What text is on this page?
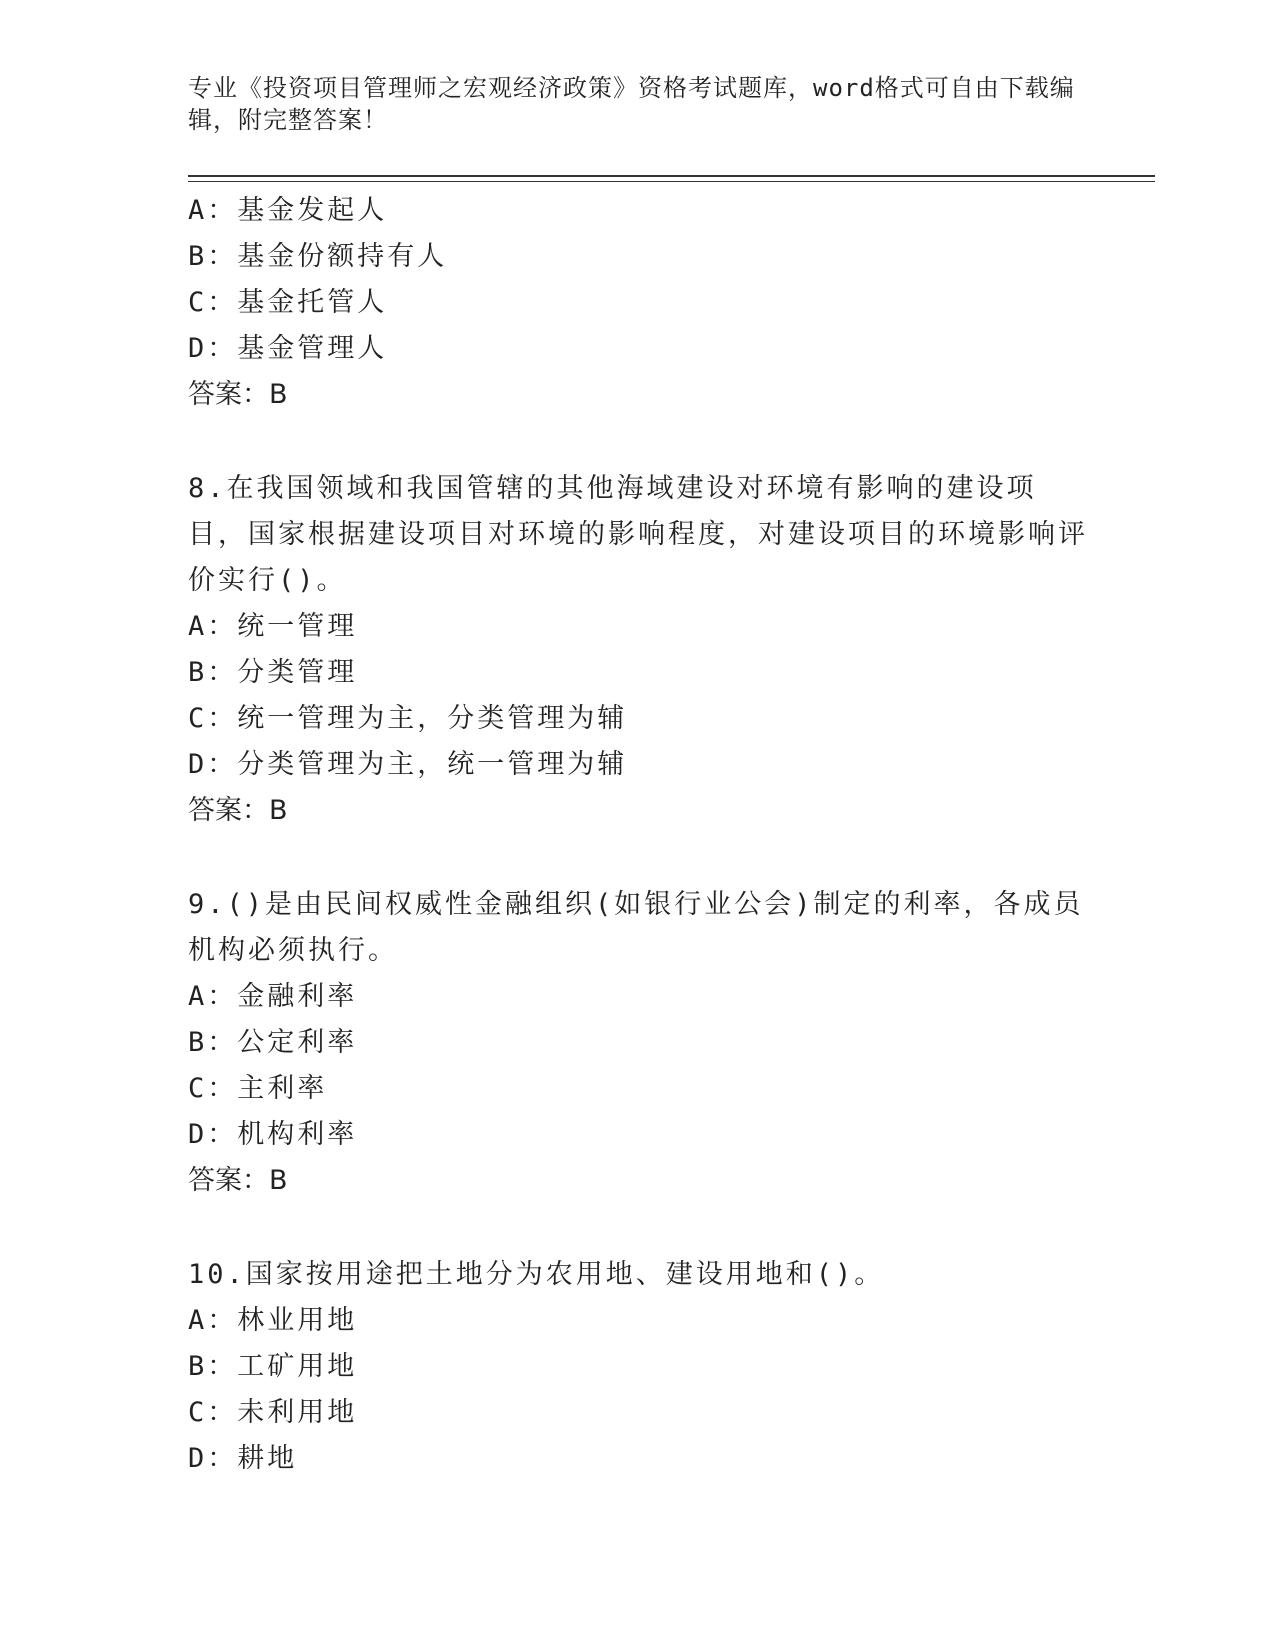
专业《投资项目管理师之宏观经济政策》资格考试题库，word格式可自由下载编辑，附完整答案！
A：基金发起人
B：基金份额持有人
C：基金托管人
D：基金管理人
答案：B
8.在我国领域和我国管辖的其他海域建设对环境有影响的建设项目，国家根据建设项目对环境的影响程度，对建设项目的环境影响评价实行()。
A：统一管理
B：分类管理
C：统一管理为主，分类管理为辅
D：分类管理为主，统一管理为辅
答案：B
9.()是由民间权威性金融组织(如银行业公会)制定的利率，各成员机构必须执行。
A：金融利率
B：公定利率
C：主利率
D：机构利率
答案：B
10.国家按用途把土地分为农用地、建设用地和()。
A：林业用地
B：工矿用地
C：未利用地
D：耕地
